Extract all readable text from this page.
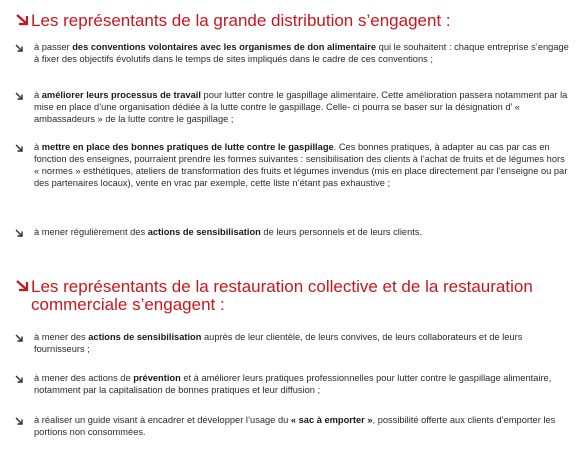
Les représentants de la grande distribution s’engagent :

à passer des conventions volontaires avec les organismes de don alimentaire qui le souhaitent : chaque entreprise s’engage à fixer des objectifs évolutifs dans le temps de sites impliqués dans le cadre de ces conventions ;

à améliorer leurs processus de travail pour lutter contre le gaspillage alimentaire. Cette amélioration passera notamment par la mise en place d’une organisation dédiée à la lutte contre le gaspillage. Celle- ci pourra se baser sur la désignation d’ « ambassadeurs » de la lutte contre le gaspillage ;

à mettre en place des bonnes pratiques de lutte contre le gaspillage. Ces bonnes pratiques, à adapter au cas par cas en fonction des enseignes, pourraient prendre les formes suivantes : sensibilisation des clients à l’achat de fruits et de légumes hors « normes » esthétiques, ateliers de transformation des fruits et légumes invendus (mis en place directement par l’enseigne ou par des partenaires locaux), vente en vrac par exemple, cette liste n’étant pas exhaustive ;

à mener régulièrement des actions de sensibilisation de leurs personnels et de leurs clients.

Les représentants de la restauration collective et de la restauration
commerciale s’engagent :

à mener des actions de sensibilisation auprès de leur clientèle, de leurs convives, de leurs collaborateurs et de leurs fournisseurs ;

à mener des actions de prévention et à améliorer leurs pratiques professionnelles pour lutter contre le gaspillage alimentaire, notamment par la capitalisation de bonnes pratiques et leur diffusion ;

à réaliser un guide visant à encadrer et développer l’usage du « sac à emporter », possibilité offerte aux clients d’emporter les portions non consommées.
